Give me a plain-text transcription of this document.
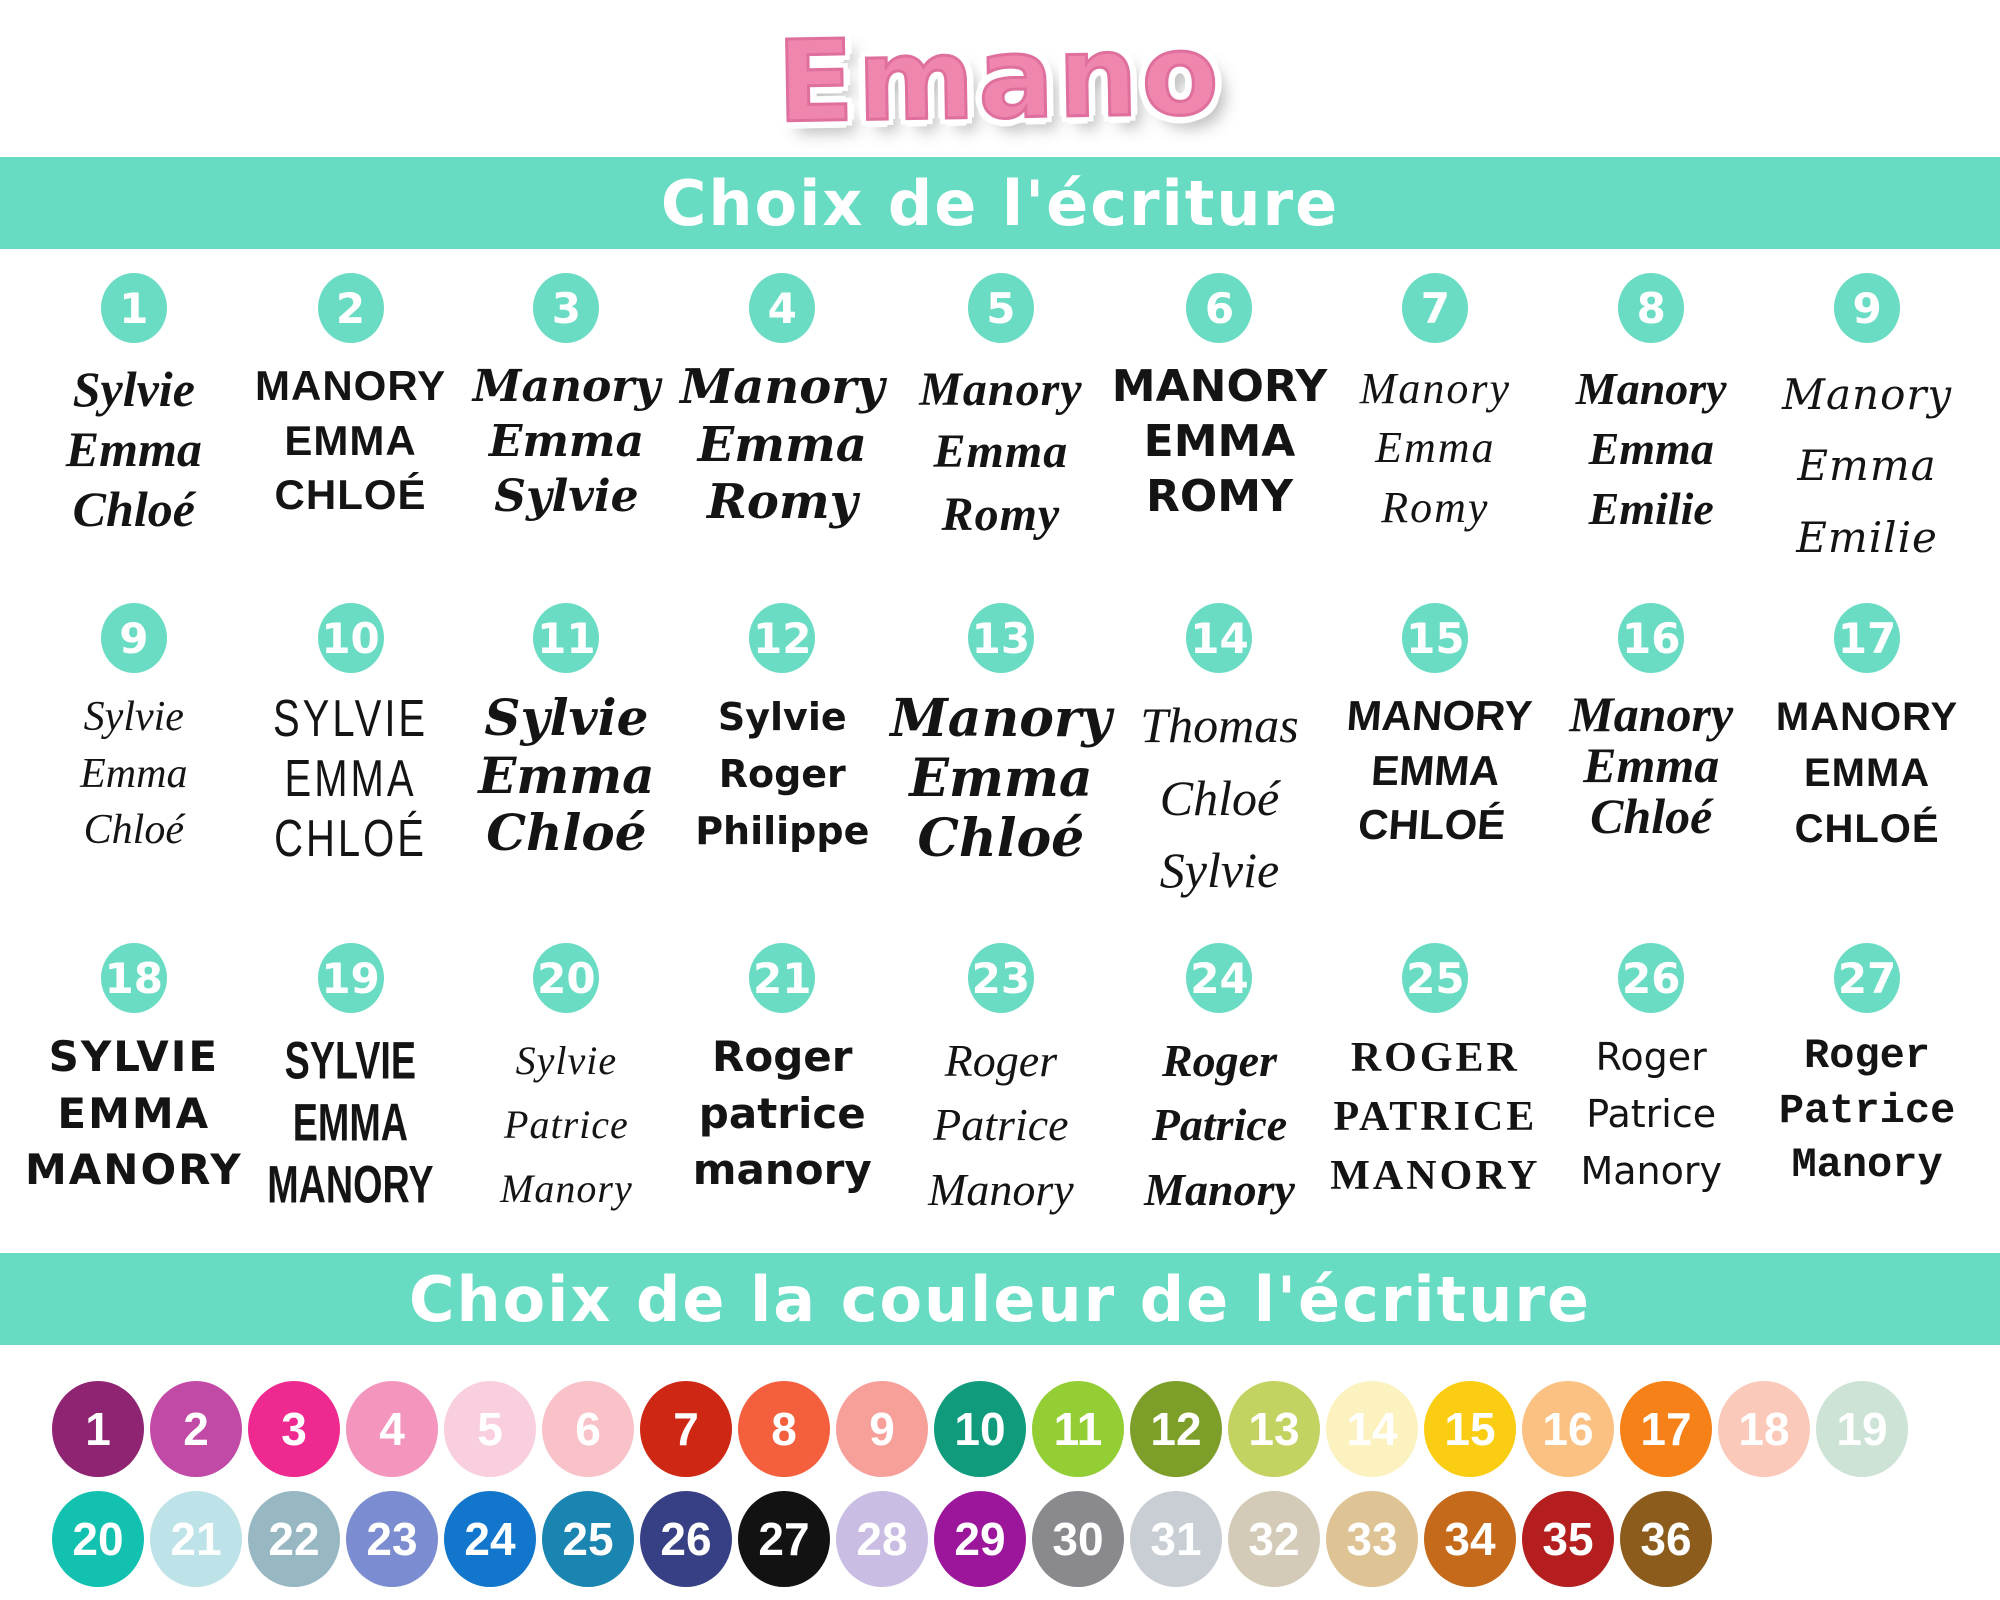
Emano
Choix de l'écriture
1
Sylvie
Emma
Chloé
2
MANORY
EMMA
CHLOÉ
3
Manory
Emma
Sylvie
4
Manory
Emma
Romy
5
Manory
Emma
Romy
6
MANORY
EMMA
ROMY
7
Manory
Emma
Romy
8
Manory
Emma
Emilie
9
Manory
Emma
Emilie
9
Sylvie
Emma
Chloé
10
SYLVIE
EMMA
CHLOÉ
11
Sylvie
Emma
Chloé
12
Sylvie
Roger
Philippe
13
Manory
Emma
Chloé
14
Thomas
Chloé
Sylvie
15
MANORY
EMMA
CHLOÉ
16
Manory
Emma
Chloé
17
MANORY
EMMA
CHLOÉ
18
SYLVIE
EMMA
MANORY
19
SYLVIE
EMMA
MANORY
20
Sylvie
Patrice
Manory
21
Roger
patrice
manory
23
Roger
Patrice
Manory
24
Roger
Patrice
Manory
25
ROGER
PATRICE
MANORY
26
Roger
Patrice
Manory
27
Roger
Patrice
Manory
Choix de la couleur de l'écriture
1 2 3 4 5 6 7 8 9 10 11 12 13 14 15 16 17 18 19
20 21 22 23 24 25 26 27 28 29 30 31 32 33 34 35 36
